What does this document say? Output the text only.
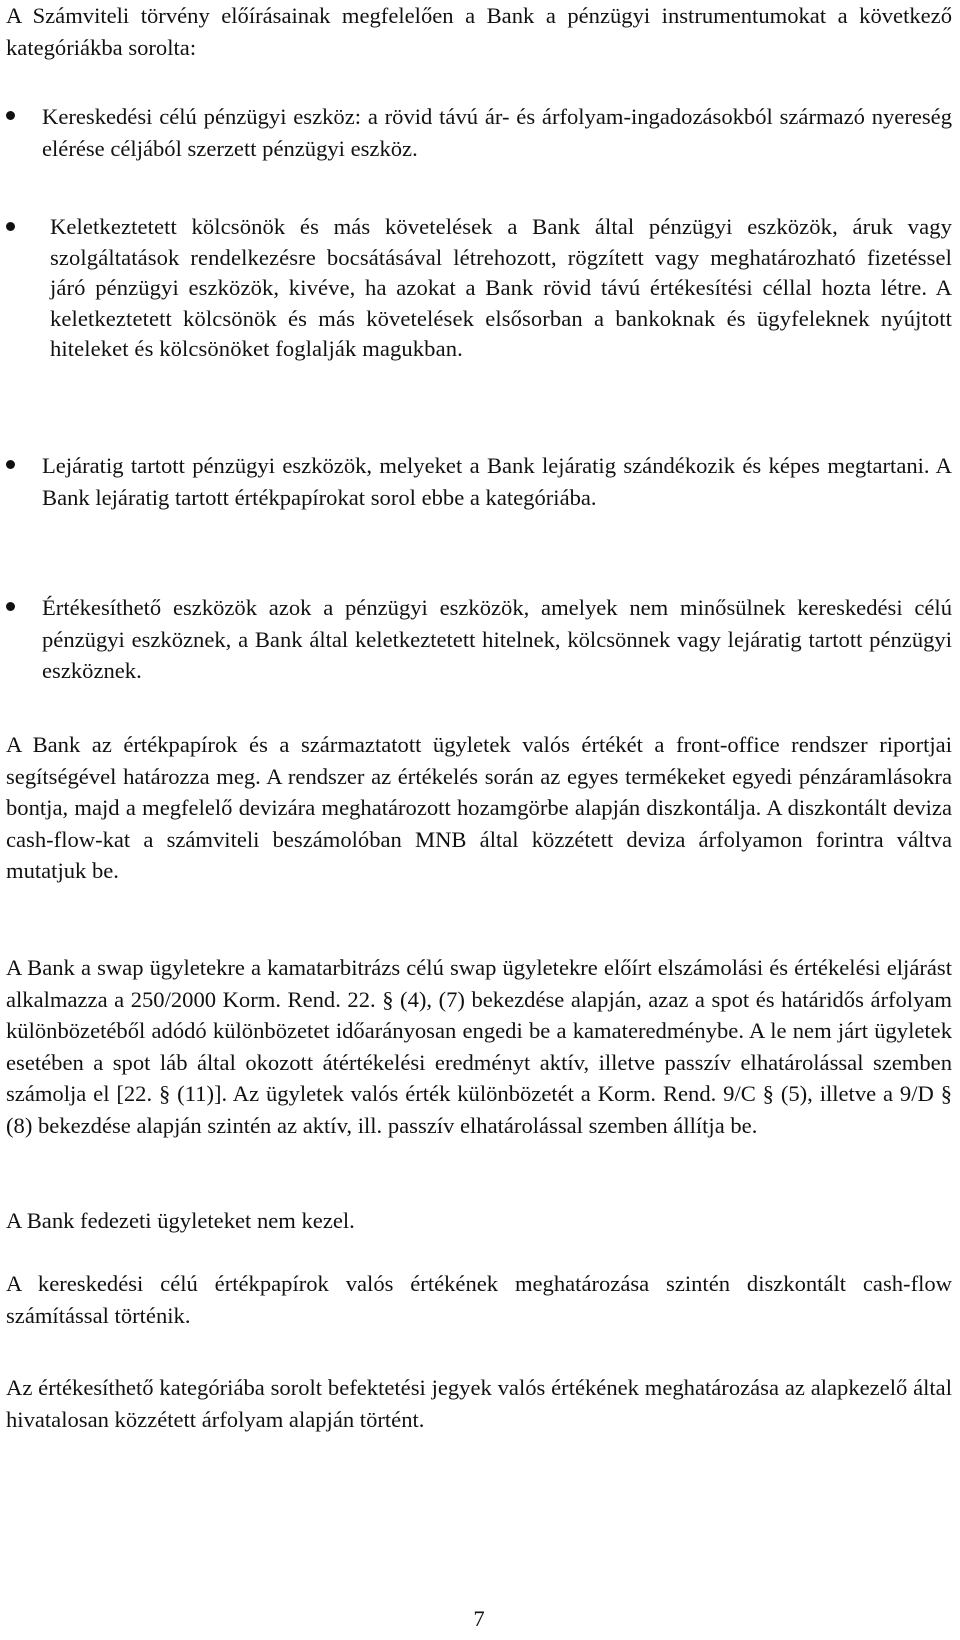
A Számviteli törvény előírásainak megfelelően a Bank a pénzügyi instrumentumokat a következő kategóriákba sorolta:

Kereskedési célú pénzügyi eszköz: a rövid távú ár- és árfolyam-ingadozásokból származó nyereség elérése céljából szerzett pénzügyi eszköz.
Keletkeztetett kölcsönök és más követelések a Bank által pénzügyi eszközök, áruk vagy szolgáltatások rendelkezésre bocsátásával létrehozott, rögzített vagy meghatározható fizetéssel járó pénzügyi eszközök, kivéve, ha azokat a Bank rövid távú értékesítési céllal hozta létre. A keletkeztetett kölcsönök és más követelések elsősorban a bankoknak és ügyfeleknek nyújtott hiteleket és kölcsönöket foglalják magukban.
Lejáratig tartott pénzügyi eszközök, melyeket a Bank lejáratig szándékozik és képes megtartani. A Bank lejáratig tartott értékpapírokat sorol ebbe a kategóriába.
Értékesíthető eszközök azok a pénzügyi eszközök, amelyek nem minősülnek kereskedési célú pénzügyi eszköznek, a Bank által keletkeztetett hitelnek, kölcsönnek vagy lejáratig tartott pénzügyi eszköznek.

A Bank az értékpapírok és a származtatott ügyletek valós értékét a front-office rendszer riportjai segítségével határozza meg. A rendszer az értékelés során az egyes termékeket egyedi pénzáramlásokra bontja, majd a megfelelő devizára meghatározott hozamgörbe alapján diszkontálja. A diszkontált deviza cash-flow-kat a számviteli beszámolóban MNB által közzétett deviza árfolyamon forintra váltva mutatjuk be.

A Bank a swap ügyletekre a kamatarbitrázs célú swap ügyletekre előírt elszámolási és értékelési eljárást alkalmazza a 250/2000 Korm. Rend. 22. § (4), (7) bekezdése alapján, azaz a spot és határidős árfolyam különbözetéből adódó különbözetet időarányosan engedi be a kamateredménybe. A le nem járt ügyletek esetében a spot láb által okozott átértékelési eredményt aktív, illetve passzív elhatárolással szemben számolja el [22. § (11)]. Az ügyletek valós érték különbözetét a Korm. Rend. 9/C § (5), illetve a 9/D § (8) bekezdése alapján szintén az aktív, ill. passzív elhatárolással szemben állítja be.

A Bank fedezeti ügyleteket nem kezel.

A kereskedési célú értékpapírok valós értékének meghatározása szintén diszkontált cash-flow számítással történik.

Az értékesíthető kategóriába sorolt befektetési jegyek valós értékének meghatározása az alapkezelő által hivatalosan közzétett árfolyam alapján történt.

7
